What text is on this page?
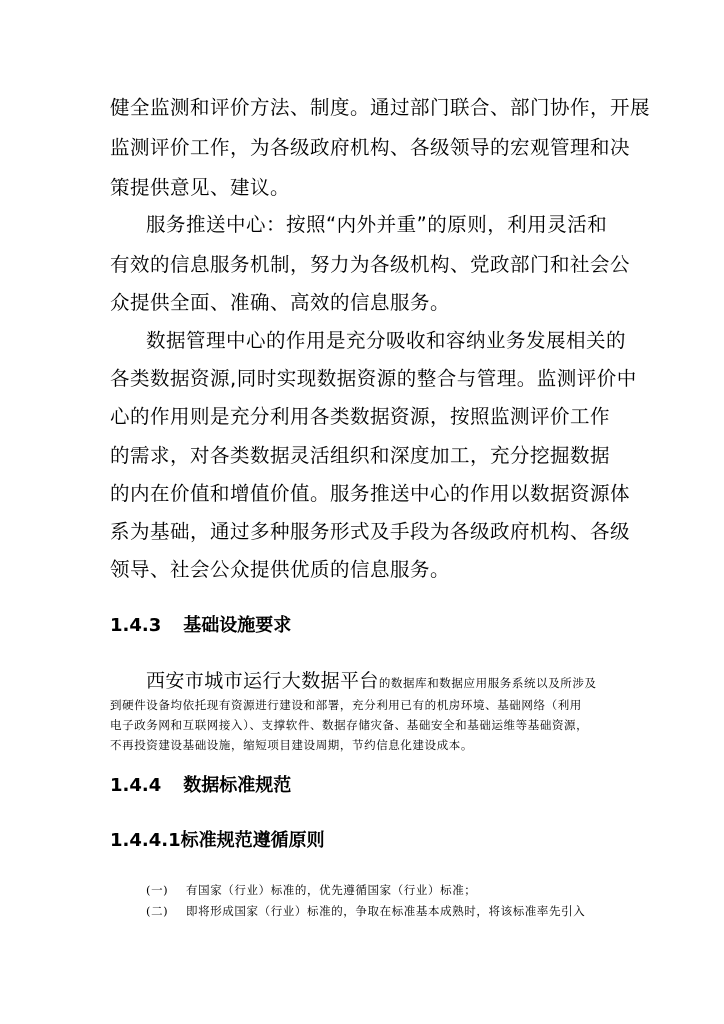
健全监测和评价方法、制度。通过部门联合、部门协作，开展
监测评价工作，为各级政府机构、各级领导的宏观管理和决
策提供意见、建议。
服务推送中心：按照“内外并重”的原则，利用灵活和
有效的信息服务机制，努力为各级机构、党政部门和社会公
众提供全面、准确、高效的信息服务。
数据管理中心的作用是充分吸收和容纳业务发展相关的
各类数据资源,同时实现数据资源的整合与管理。监测评价中
心的作用则是充分利用各类数据资源，按照监测评价工作
的需求，对各类数据灵活组织和深度加工，充分挖掘数据
的内在价值和增值价值。服务推送中心的作用以数据资源体
系为基础，通过多种服务形式及手段为各级政府机构、各级
领导、社会公众提供优质的信息服务。
1.4.3 基础设施要求
西安市城市运行大数据平台的数据库和数据应用服务系统以及所涉及
到硬件设备均依托现有资源进行建设和部署，充分利用已有的机房环境、基础网络（利用
电子政务网和互联网接入）、支撑软件、数据存储灾备、基础安全和基础运维等基础资源，
不再投资建设基础设施，缩短项目建设周期，节约信息化建设成本。
1.4.4 数据标准规范
1.4.4.1标准规范遵循原则
(一) 有国家（行业）标准的，优先遵循国家（行业）标准；
(二) 即将形成国家（行业）标准的，争取在标准基本成熟时，将该标准率先引入
